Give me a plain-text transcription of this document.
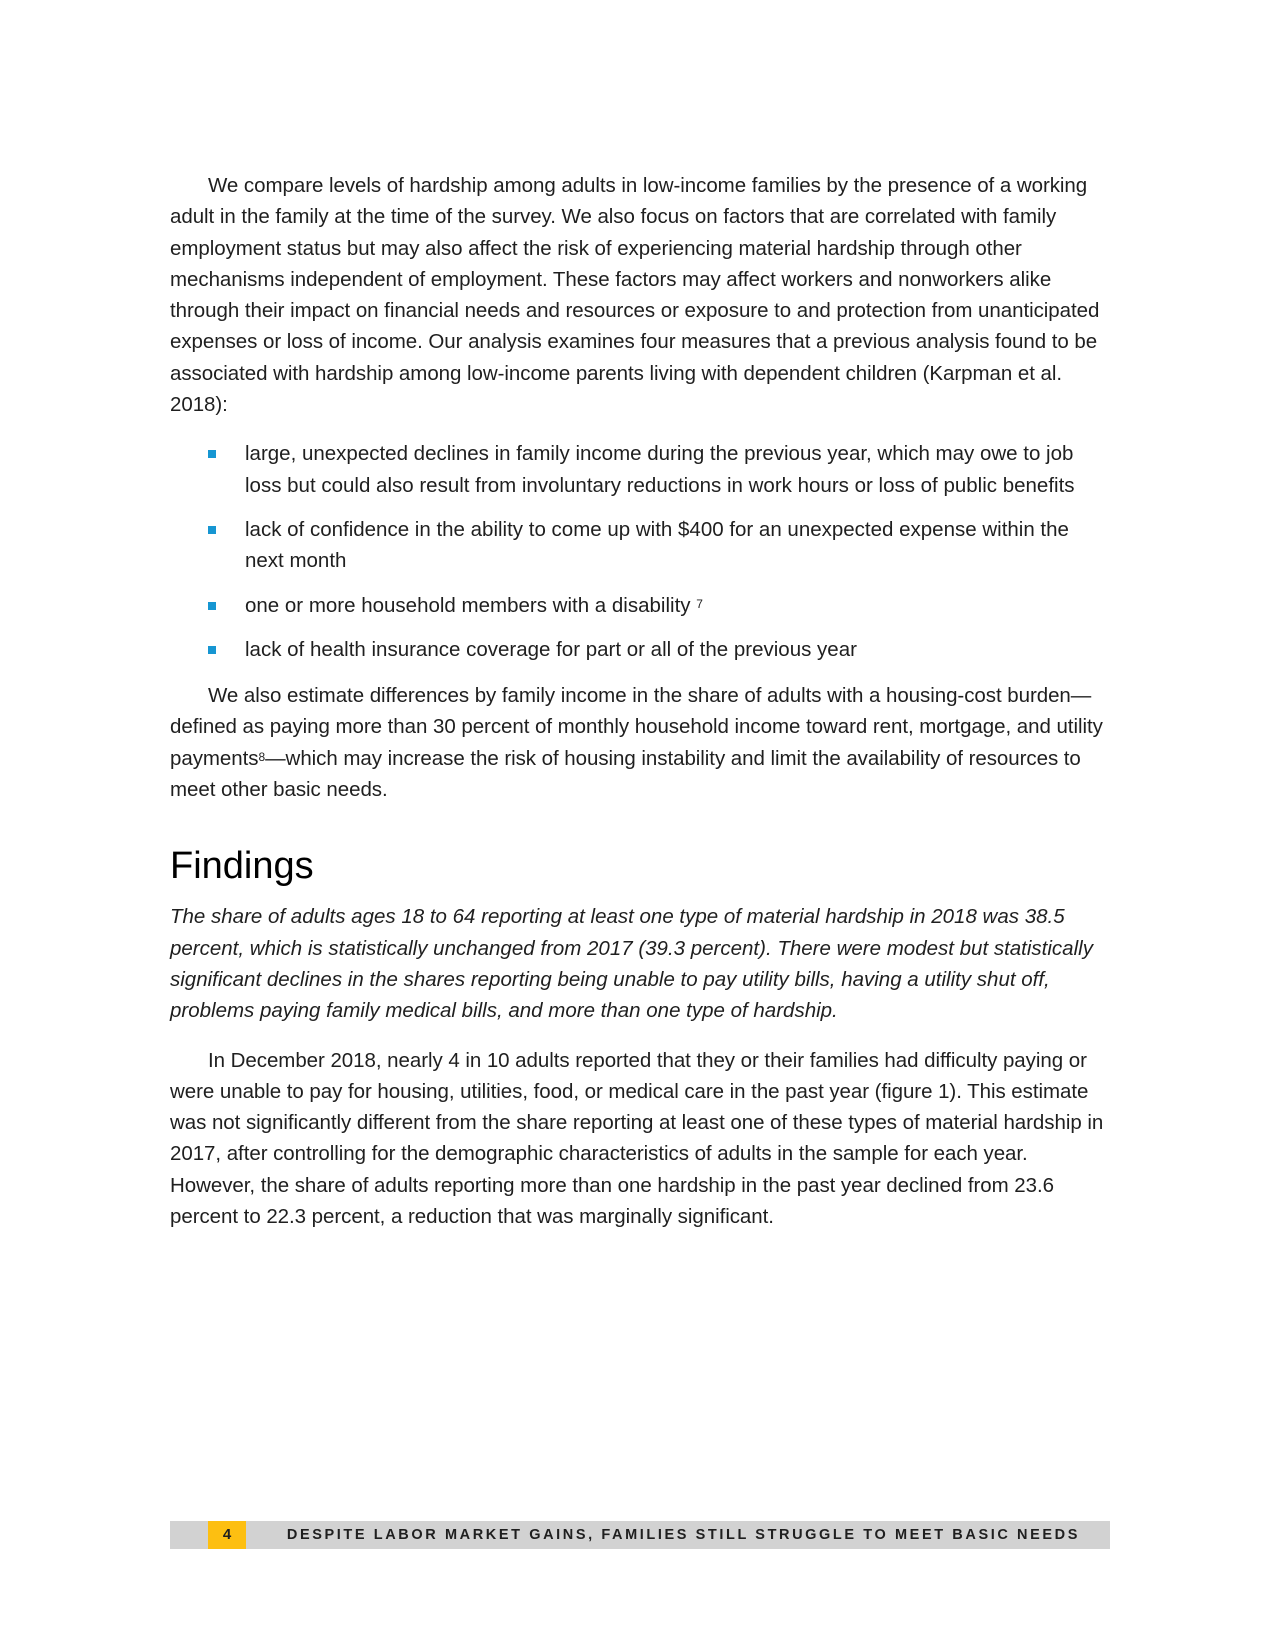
We compare levels of hardship among adults in low-income families by the presence of a working adult in the family at the time of the survey. We also focus on factors that are correlated with family employment status but may also affect the risk of experiencing material hardship through other mechanisms independent of employment. These factors may affect workers and nonworkers alike through their impact on financial needs and resources or exposure to and protection from unanticipated expenses or loss of income. Our analysis examines four measures that a previous analysis found to be associated with hardship among low-income parents living with dependent children (Karpman et al. 2018):

large, unexpected declines in family income during the previous year, which may owe to job loss but could also result from involuntary reductions in work hours or loss of public benefits
lack of confidence in the ability to come up with $400 for an unexpected expense within the next month
one or more household members with a disability $^7$
lack of health insurance coverage for part or all of the previous year

We also estimate differences by family income in the share of adults with a housing-cost burden—defined as paying more than 30 percent of monthly household income toward rent, mortgage, and utility payments$^8$—which may increase the risk of housing instability and limit the availability of resources to meet other basic needs.

Findings

The share of adults ages 18 to 64 reporting at least one type of material hardship in 2018 was 38.5 percent, which is statistically unchanged from 2017 (39.3 percent). There were modest but statistically significant declines in the shares reporting being unable to pay utility bills, having a utility shut off, problems paying family medical bills, and more than one type of hardship.

In December 2018, nearly 4 in 10 adults reported that they or their families had difficulty paying or were unable to pay for housing, utilities, food, or medical care in the past year (figure 1). This estimate was not significantly different from the share reporting at least one of these types of material hardship in 2017, after controlling for the demographic characteristics of adults in the sample for each year. However, the share of adults reporting more than one hardship in the past year declined from 23.6 percent to 22.3 percent, a reduction that was marginally significant.

4	DESPITE LABOR MARKET GAINS, FAMILIES STILL STRUGGLE TO MEET BASIC NEEDS
